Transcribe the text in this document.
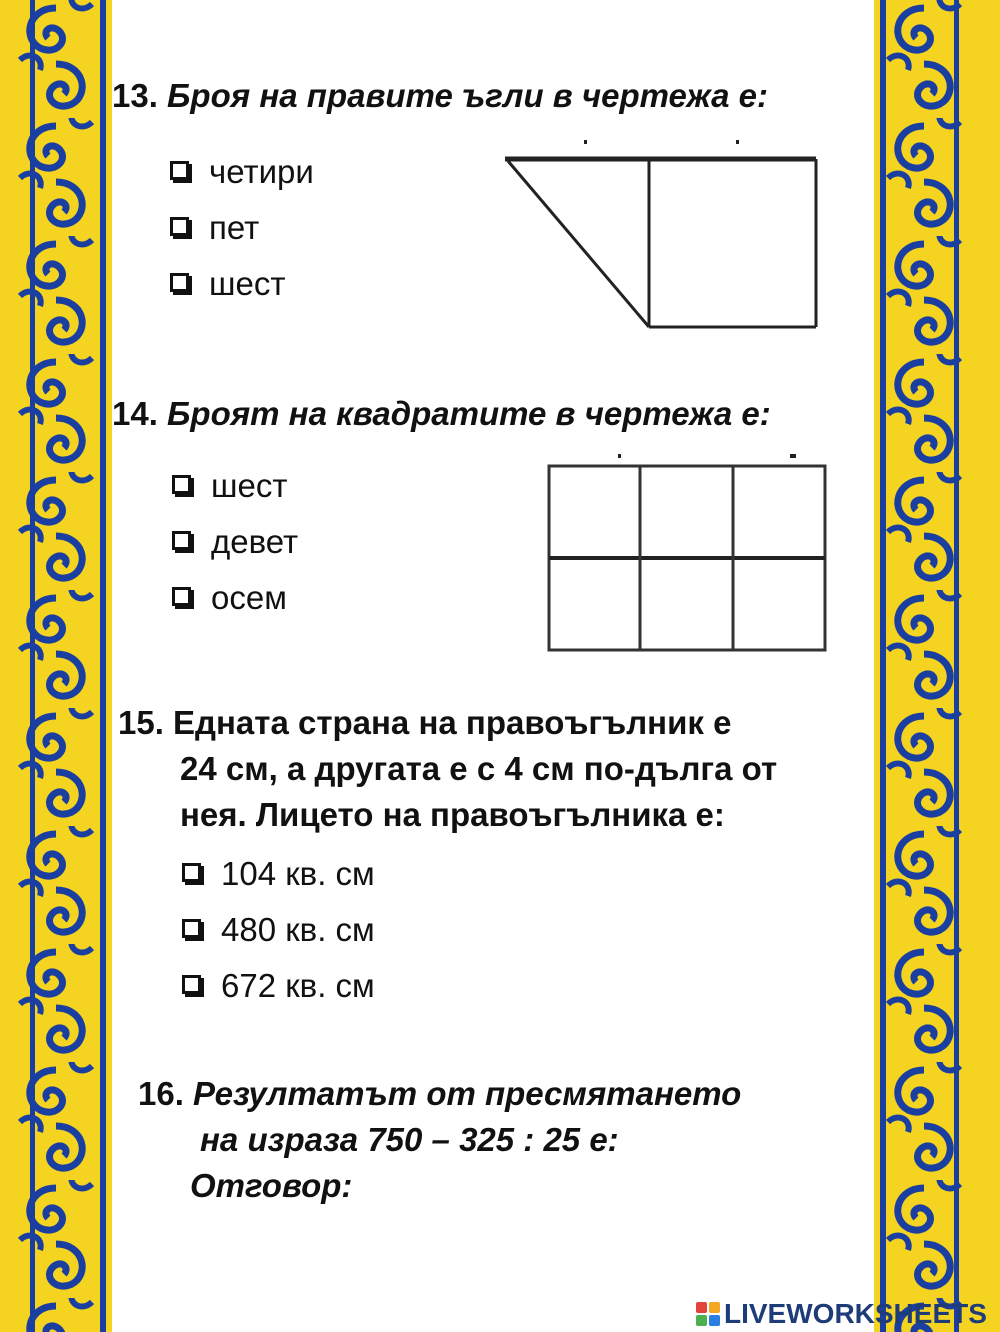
13. Броя на правите ъгли в чертежа е:
четири
пет
шест
14. Броят на квадратите в чертежа е:
шест
девет
осем
15. Едната страна на правоъгълник е
24 см, а другата е с 4 см по-дълга от
нея. Лицето на правоъгълника е:
104 кв. см
480 кв. см
672 кв. см
16. Резултатът от пресмятането
на израза 750 – 325 : 25 е:
Отговор:
LIVEWORKSHEETS
